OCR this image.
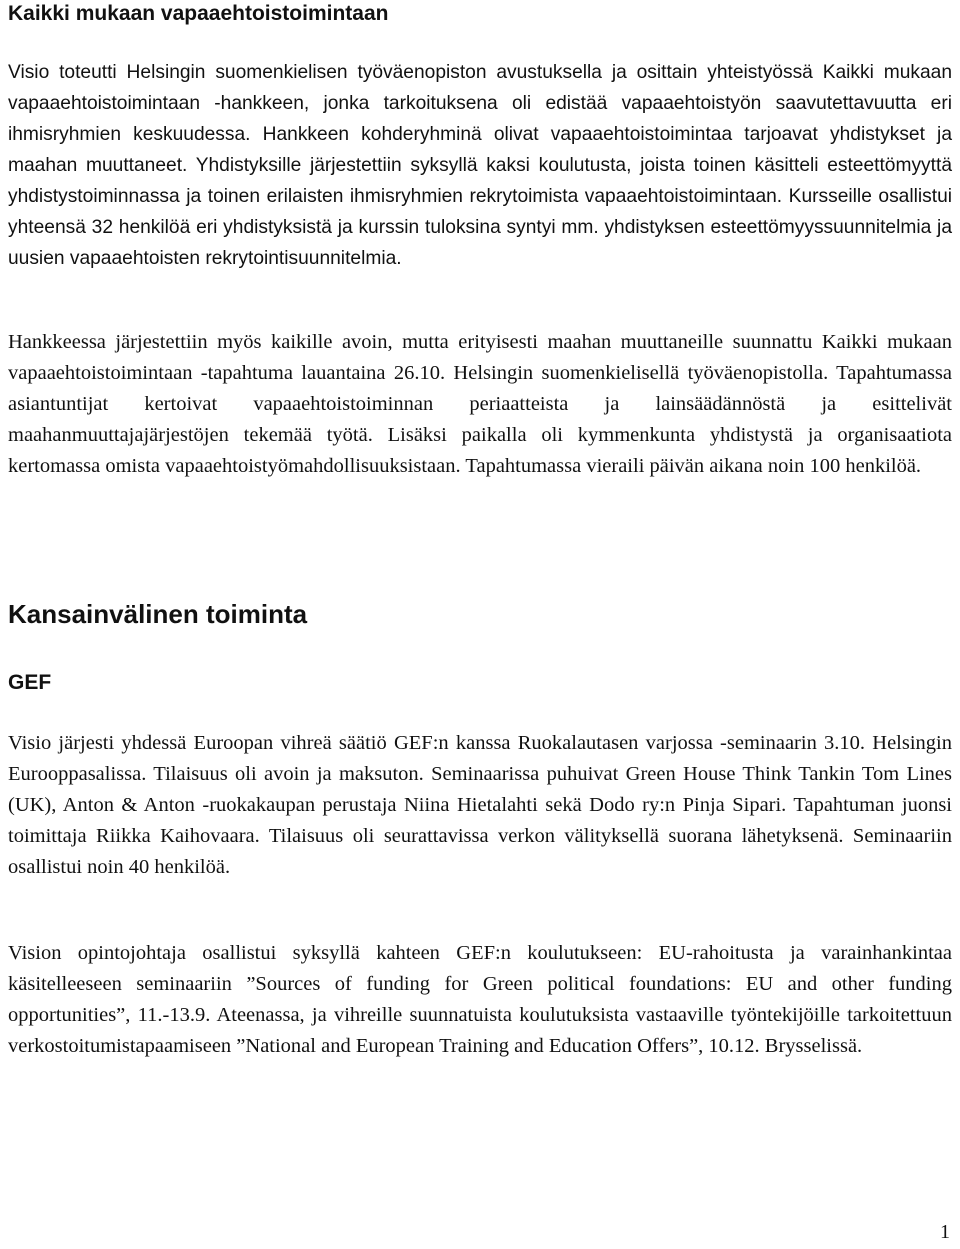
Kaikki mukaan vapaaehtoistoimintaan

Visio toteutti Helsingin suomenkielisen työväenopiston avustuksella ja osittain yhteistyössä Kaikki mukaan vapaaehtoistoimintaan -hankkeen, jonka tarkoituksena oli edistää vapaaehtoistyön saavutettavuutta eri ihmisryhmien keskuudessa. Hankkeen kohderyhminä olivat vapaaehtoistoimintaa tarjoavat yhdistykset ja maahan muuttaneet. Yhdistyksille järjestettiin syksyllä kaksi koulutusta, joista toinen käsitteli esteettömyyttä yhdistystoiminnassa ja toinen erilaisten ihmisryhmien rekrytoimista vapaaehtoistoimintaan. Kursseille osallistui yhteensä 32 henkilöä eri yhdistyksistä ja kurssin tuloksina syntyi mm. yhdistyksen esteettömyyssuunnitelmia ja uusien vapaaehtoisten rekrytointisuunnitelmia.

Hankkeessa järjestettiin myös kaikille avoin, mutta erityisesti maahan muuttaneille suunnattu Kaikki mukaan vapaaehtoistoimintaan -tapahtuma lauantaina 26.10. Helsingin suomenkielisellä työväenopistolla. Tapahtumassa asiantuntijat kertoivat vapaaehtoistoiminnan periaatteista ja lainsäädännöstä ja esittelivät maahanmuuttajajärjestöjen tekemää työtä. Lisäksi paikalla oli kymmenkunta yhdistystä ja organisaatiota kertomassa omista vapaaehtoistyömahdollisuuksistaan. Tapahtumassa vieraili päivän aikana noin 100 henkilöä.

Kansainvälinen toiminta
GEF

Visio järjesti yhdessä Euroopan vihreä säätiö GEF:n kanssa Ruokalautasen varjossa -seminaarin 3.10. Helsingin Eurooppasalissa. Tilaisuus oli avoin ja maksuton. Seminaarissa puhuivat Green House Think Tankin Tom Lines (UK), Anton & Anton -ruokakaupan perustaja Niina Hietalahti sekä Dodo ry:n Pinja Sipari. Tapahtuman juonsi toimittaja Riikka Kaihovaara. Tilaisuus oli seurattavissa verkon välityksellä suorana lähetyksenä. Seminaariin osallistui noin 40 henkilöä.

Vision opintojohtaja osallistui syksyllä kahteen GEF:n koulutukseen: EU-rahoitusta ja varainhankintaa käsitelleeseen seminaariin ”Sources of funding for Green political foundations: EU and other funding opportunities”, 11.-13.9. Ateenassa, ja vihreille suunnatuista koulutuksista vastaaville työntekijöille tarkoitettuun verkostoitumistapaamiseen ”National and European Training and Education Offers”, 10.12. Brysselissä.

1
